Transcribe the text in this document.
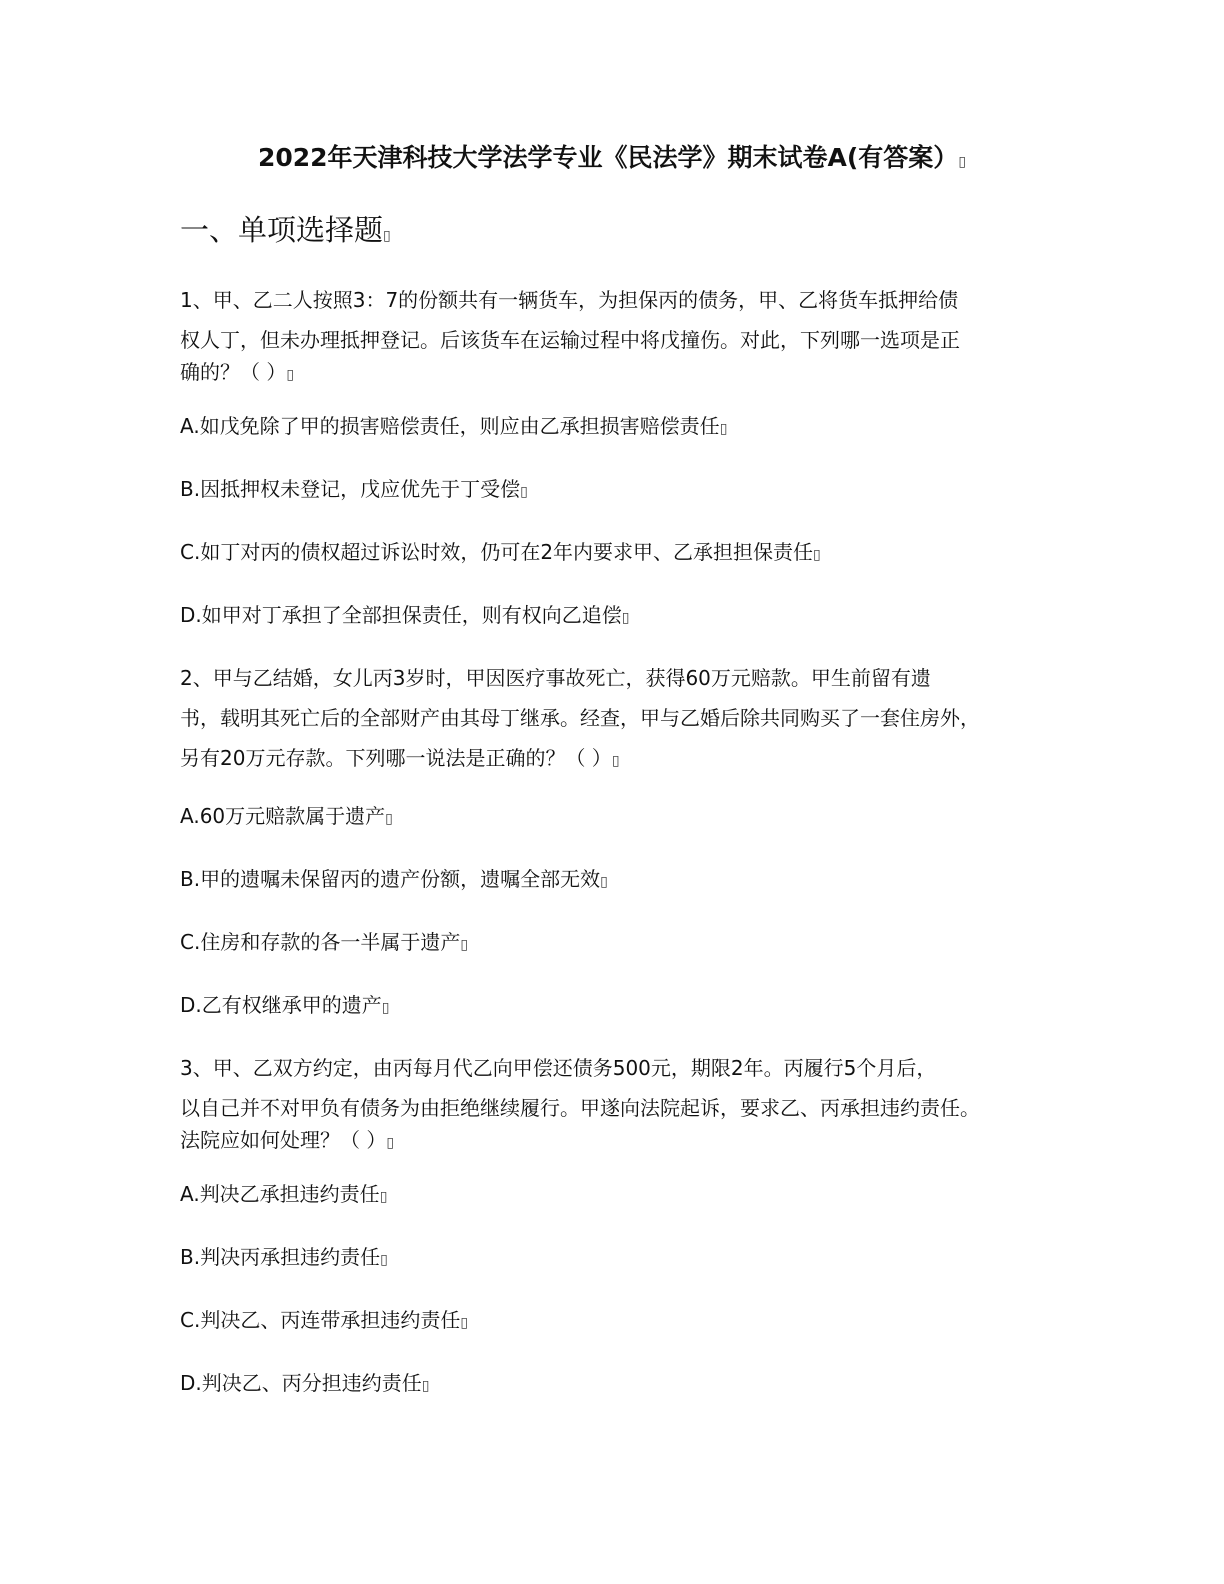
2022年天津科技大学法学专业《民法学》期末试卷A(有答案）▯
一、单项选择题▯
1、甲、乙二人按照3：7的份额共有一辆货车，为担保丙的债务，甲、乙将货车抵押给债
权人丁，但未办理抵押登记。后该货车在运输过程中将戊撞伤。对此，下列哪一选项是正
确的？（ ）▯
A.如戊免除了甲的损害赔偿责任，则应由乙承担损害赔偿责任▯
B.因抵押权未登记，戊应优先于丁受偿▯
C.如丁对丙的债权超过诉讼时效，仍可在2年内要求甲、乙承担担保责任▯
D.如甲对丁承担了全部担保责任，则有权向乙追偿▯
2、甲与乙结婚，女儿丙3岁时，甲因医疗事故死亡，获得60万元赔款。甲生前留有遗
书，载明其死亡后的全部财产由其母丁继承。经查，甲与乙婚后除共同购买了一套住房外，
另有20万元存款。下列哪一说法是正确的？（ ）▯
A.60万元赔款属于遗产▯
B.甲的遗嘱未保留丙的遗产份额，遗嘱全部无效▯
C.住房和存款的各一半属于遗产▯
D.乙有权继承甲的遗产▯
3、甲、乙双方约定，由丙每月代乙向甲偿还债务500元，期限2年。丙履行5个月后，
以自己并不对甲负有债务为由拒绝继续履行。甲遂向法院起诉，要求乙、丙承担违约责任。
法院应如何处理？（ ）▯
A.判决乙承担违约责任▯
B.判决丙承担违约责任▯
C.判决乙、丙连带承担违约责任▯
D.判决乙、丙分担违约责任▯
